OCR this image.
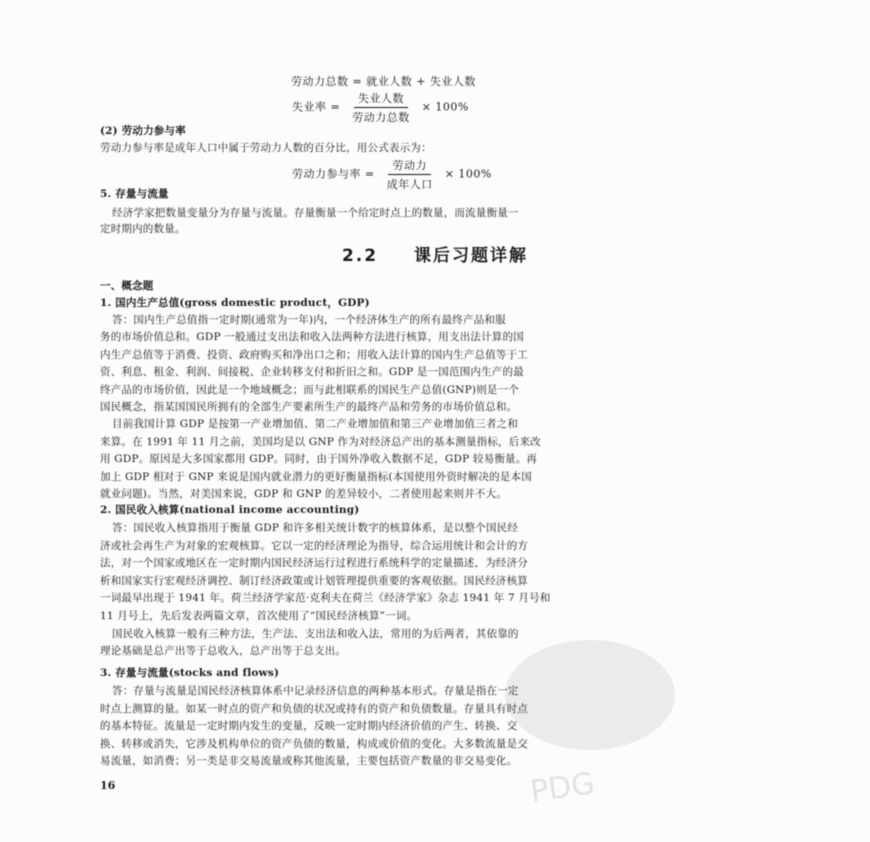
劳动力总数 = 就业人数 + 失业人数
失业率 = $\frac{\text{失业人数}}{\text{劳动力总数}} \times 100\%$
(2) 劳动力参与率
劳动力参与率是成年人口中属于劳动力人数的百分比，用公式表示为：
劳动力参与率 = $\frac{\text{劳动力}}{\text{成年人口}} \times 100\%$
5. 存量与流量
经济学家把数量变量分为存量与流量。存量衡量一个给定时点上的数量，而流量衡量一
定时期内的数量。
2.2 课后习题详解
一、概念题
1. 国内生产总值(gross domestic product，GDP)
答：国内生产总值指一定时期(通常为一年)内，一个经济体生产的所有最终产品和服
务的市场价值总和。GDP 一般通过支出法和收入法两种方法进行核算，用支出法计算的国
内生产总值等于消费、投资、政府购买和净出口之和；用收入法计算的国内生产总值等于工
资、利息、租金、利润、间接税、企业转移支付和折旧之和。GDP 是一国范围内生产的最
终产品的市场价值，因此是一个地域概念；而与此相联系的国民生产总值(GNP)则是一个
国民概念，指某国国民所拥有的全部生产要素所生产的最终产品和劳务的市场价值总和。
目前我国计算 GDP 是按第一产业增加值、第二产业增加值和第三产业增加值三者之和
来算。在 1991 年 11 月之前，美国均是以 GNP 作为对经济总产出的基本测量指标，后来改
用 GDP。原因是大多国家都用 GDP。同时，由于国外净收入数据不足，GDP 较易衡量。再
加上 GDP 相对于 GNP 来说是国内就业潜力的更好衡量指标(本国使用外资时解决的是本国
就业问题)。当然，对美国来说，GDP 和 GNP 的差异较小，二者使用起来则并不大。
2. 国民收入核算(national income accounting)
答：国民收入核算指用于衡量 GDP 和许多相关统计数字的核算体系，是以整个国民经
济或社会再生产为对象的宏观核算。它以一定的经济理论为指导，综合运用统计和会计的方
法，对一个国家或地区在一定时期内国民经济运行过程进行系统科学的定量描述，为经济分
析和国家实行宏观经济调控、制订经济政策或计划管理提供重要的客观依据。国民经济核算
一词最早出现于 1941 年。荷兰经济学家范·克利夫在荷兰《经济学家》杂志 1941 年 7 月号和
11 月号上，先后发表两篇文章，首次使用了“国民经济核算”一词。
国民收入核算一般有三种方法，生产法、支出法和收入法，常用的为后两者，其依靠的
理论基础是总产出等于总收入，总产出等于总支出。
3. 存量与流量(stocks and flows)
答：存量与流量是国民经济核算体系中记录经济信息的两种基本形式。存量是指在一定
时点上测算的量。如某一时点的资产和负债的状况或持有的资产和负债数量。存量具有时点
的基本特征。流量是一定时期内发生的变量，反映一定时期内经济价值的产生、转换、交
换、转移或消失，它涉及机构单位的资产负债的数量，构成或价值的变化。大多数流量是交
易流量，如消费；另一类是非交易流量或称其他流量，主要包括资产数量的非交易变化。
16	PDG
